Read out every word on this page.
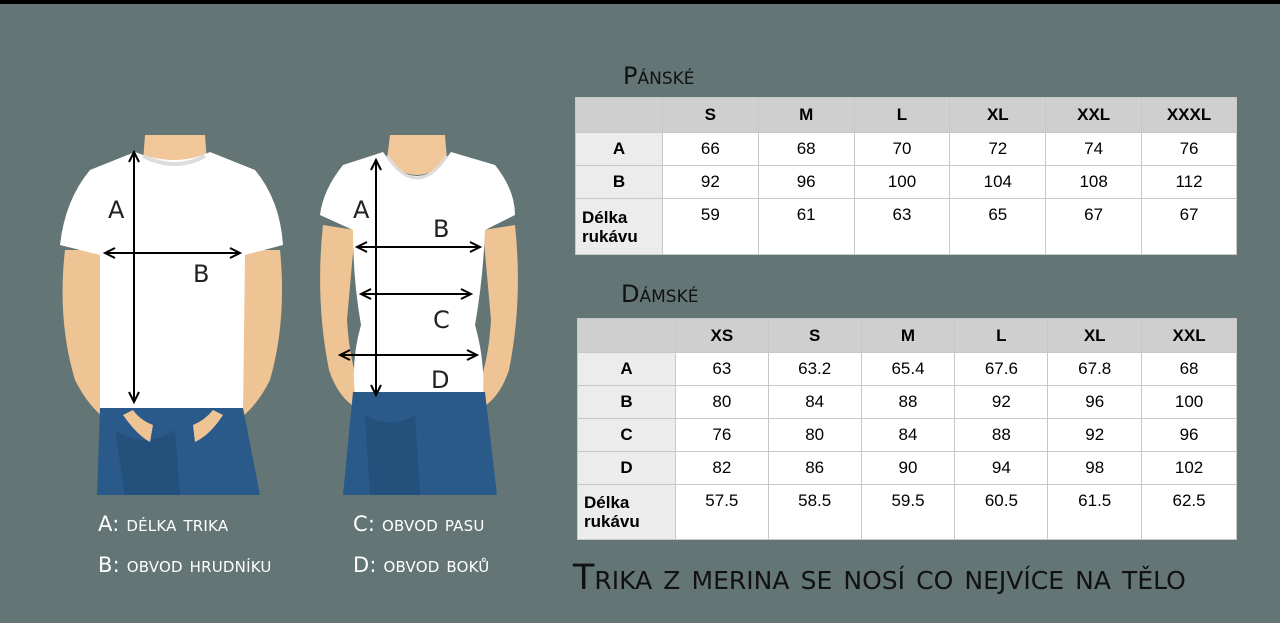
A
B
A
B
C
D
A: délka trika
B: obvod hrudníku
C: obvod pasu
D: obvod boků
Pánské
	S	M	L	XL	XXL	XXXL
A	66	68	70	72	74	76
B	92	96	100	104	108	112
Délka
rukávu	59	61	63	65	67	67
Dámské
	XS	S	M	L	XL	XXL
A	63	63.2	65.4	67.6	67.8	68
B	80	84	88	92	96	100
C	76	80	84	88	92	96
D	82	86	90	94	98	102
Délka
rukávu	57.5	58.5	59.5	60.5	61.5	62.5
Trika z merina se nosí co nejvíce na tělo
